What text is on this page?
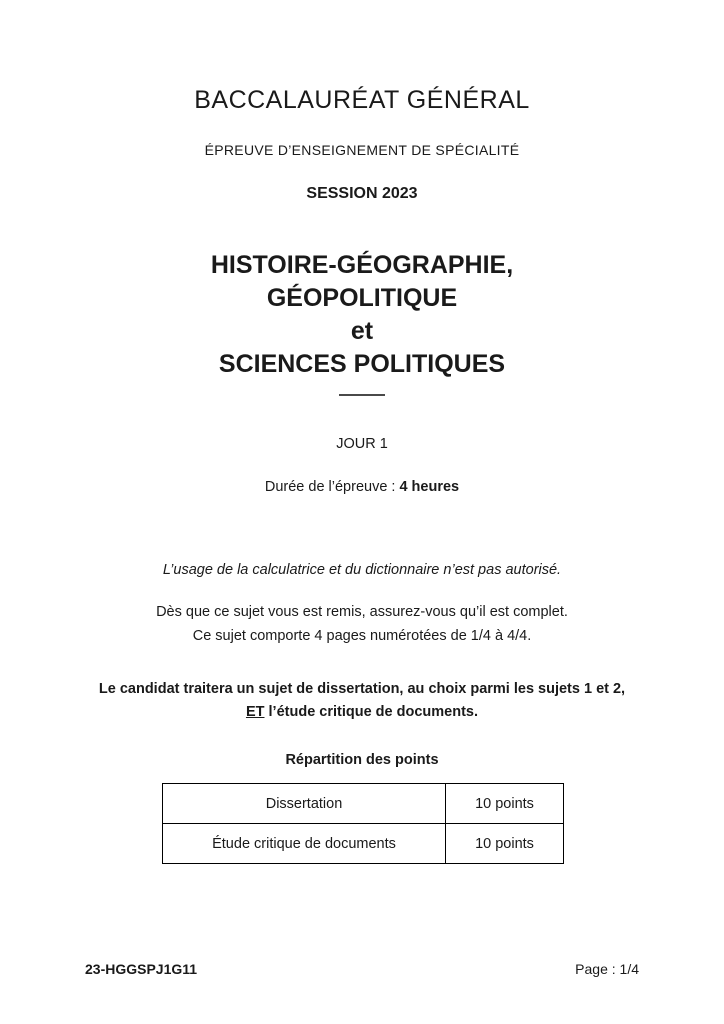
BACCALAURÉAT GÉNÉRAL
ÉPREUVE D’ENSEIGNEMENT DE SPÉCIALITÉ
SESSION 2023
HISTOIRE-GÉOGRAPHIE,
GÉOPOLITIQUE
et
SCIENCES POLITIQUES
JOUR 1
Durée de l’épreuve : 4 heures
L’usage de la calculatrice et du dictionnaire n’est pas autorisé.
Dès que ce sujet vous est remis, assurez-vous qu’il est complet.
Ce sujet comporte 4 pages numérotées de 1/4 à 4/4.
Le candidat traitera un sujet de dissertation, au choix parmi les sujets 1 et 2,
ET l’étude critique de documents.
Répartition des points
Dissertation	10 points
Étude critique de documents	10 points
23-HGGSPJ1G11	Page : 1/4
